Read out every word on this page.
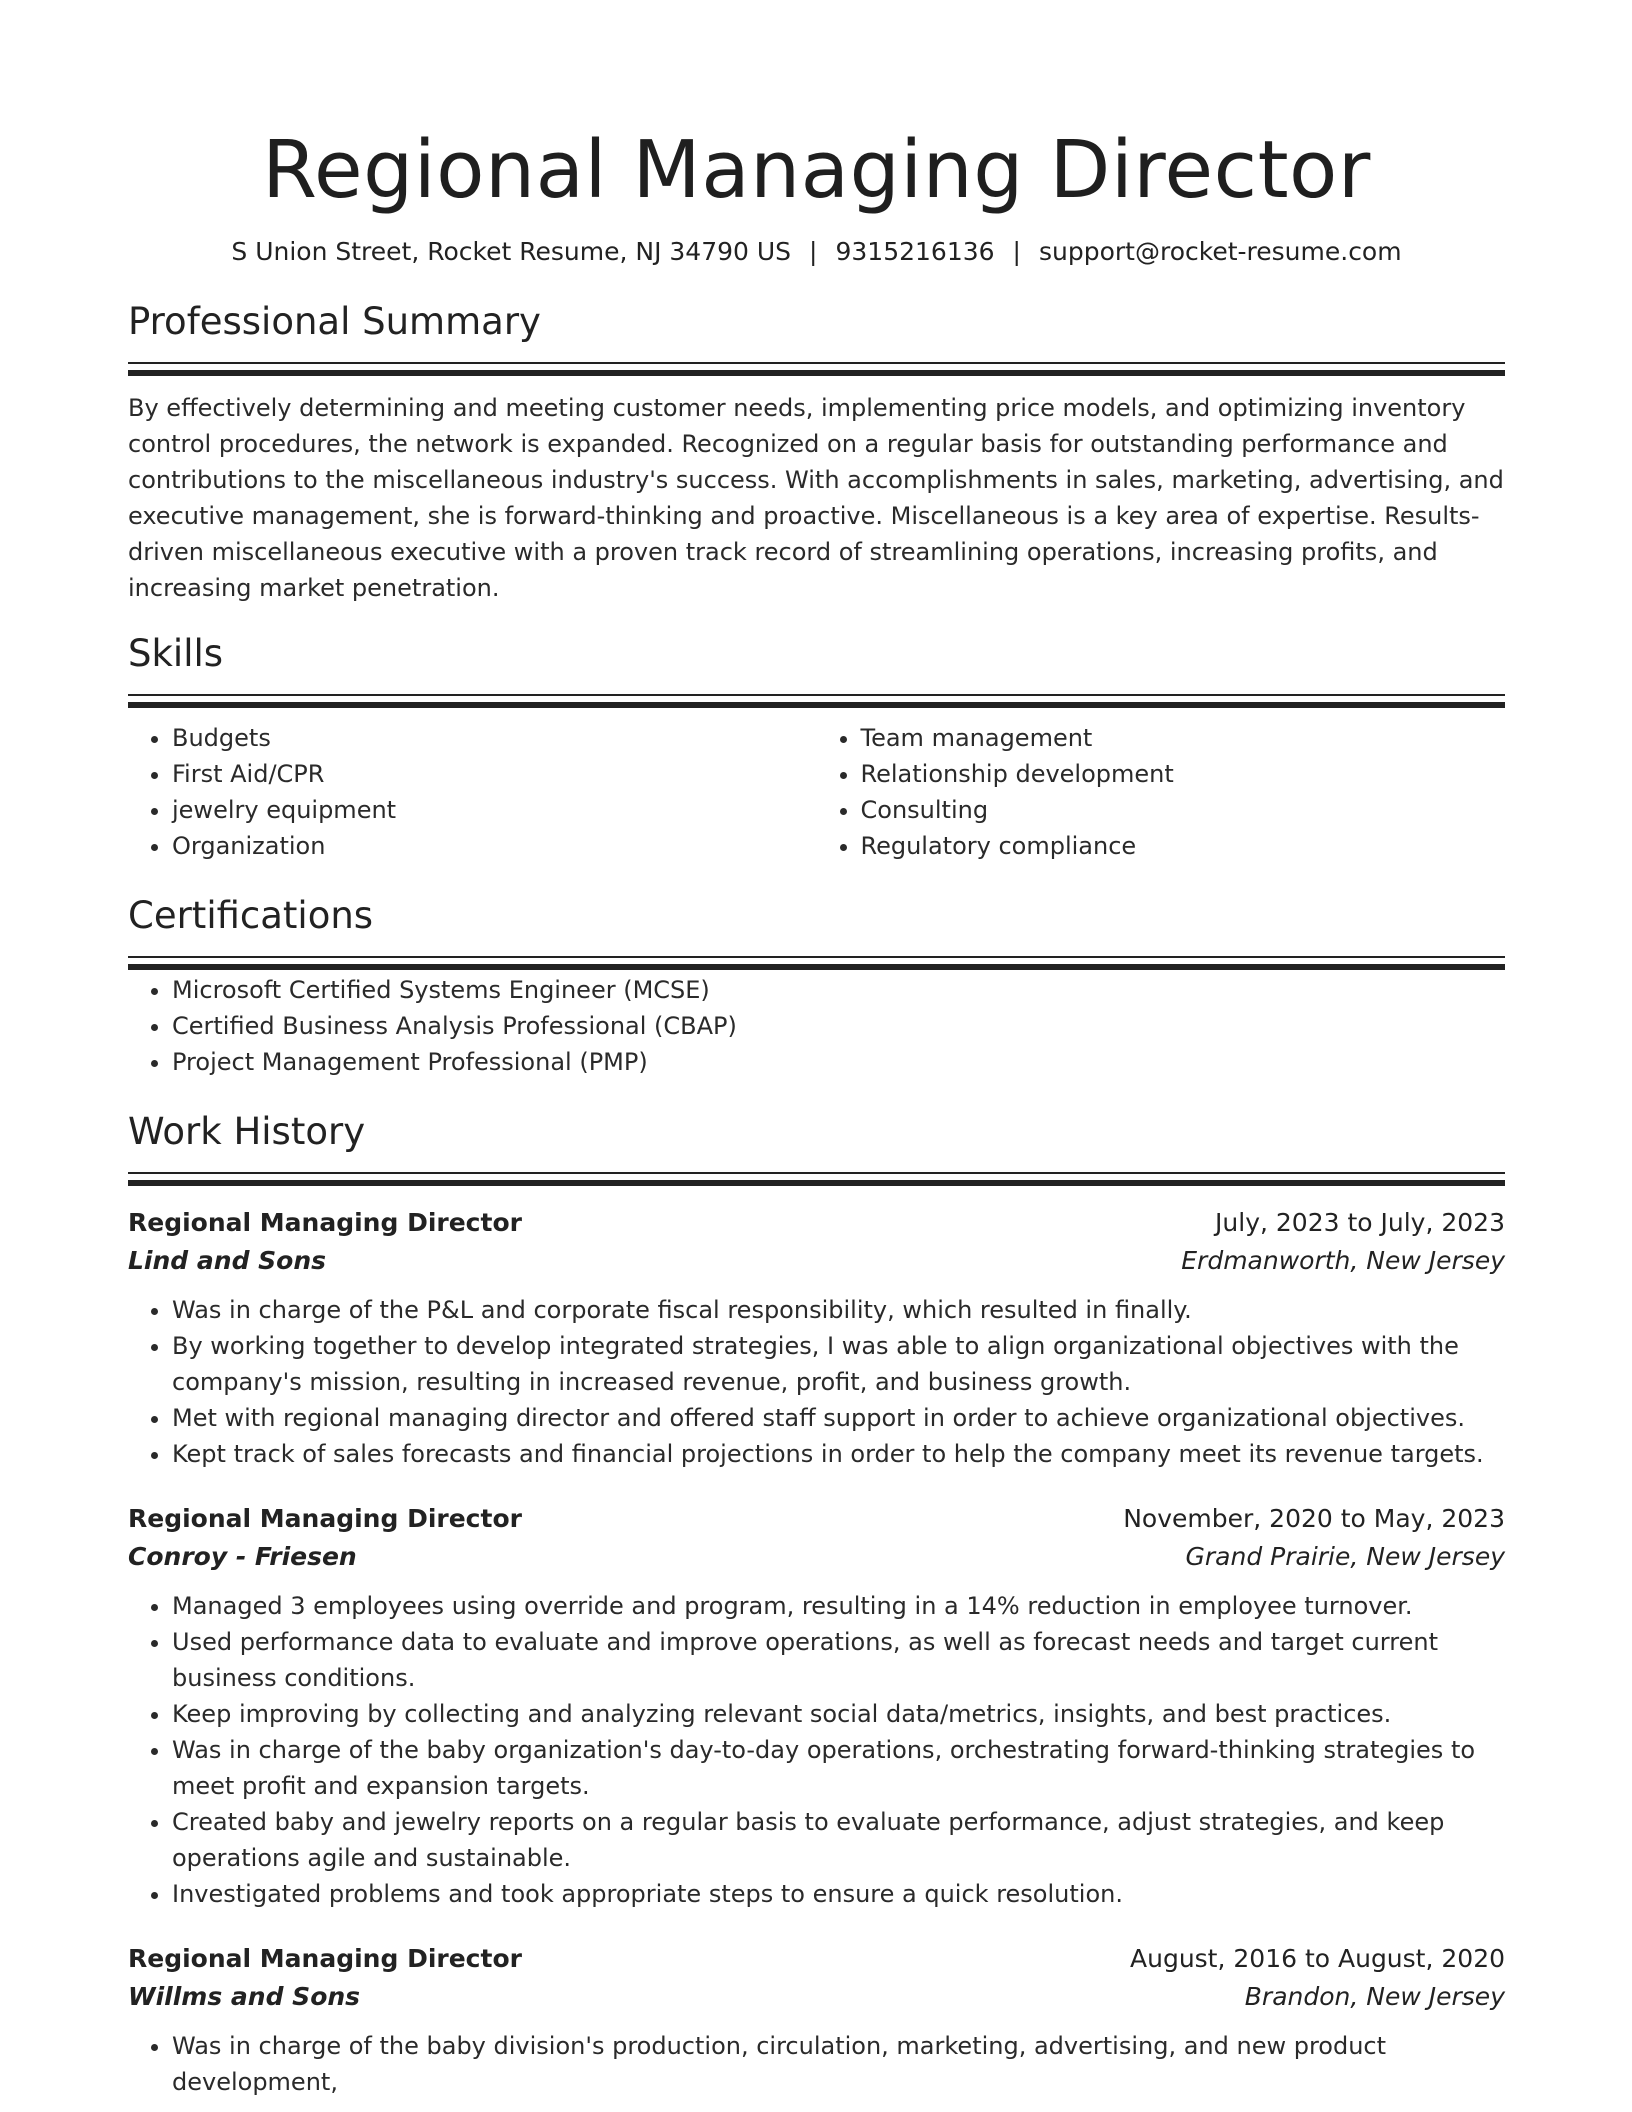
Regional Managing Director
S Union Street, Rocket Resume, NJ 34790 US | 9315216136 | support@rocket-resume.com
Professional Summary

By effectively determining and meeting customer needs, implementing price models, and optimizing inventory control procedures, the network is expanded. Recognized on a regular basis for outstanding performance and contributions to the miscellaneous industry's success. With accomplishments in sales, marketing, advertising, and executive management, she is forward-thinking and proactive. Miscellaneous is a key area of expertise. Results-driven miscellaneous executive with a proven track record of streamlining operations, increasing profits, and increasing market penetration.

Skills
• Budgets
• First Aid/CPR
• jewelry equipment
• Organization
• Team management
• Relationship development
• Consulting
• Regulatory compliance
Certifications
• Microsoft Certified Systems Engineer (MCSE)
• Certified Business Analysis Professional (CBAP)
• Project Management Professional (PMP)
Work History
Regional Managing Director	July, 2023 to July, 2023
Lind and Sons	Erdmanworth, New Jersey
• Was in charge of the P&L and corporate fiscal responsibility, which resulted in finally.
• By working together to develop integrated strategies, I was able to align organizational objectives with the company's mission, resulting in increased revenue, profit, and business growth.
• Met with regional managing director and offered staff support in order to achieve organizational objectives.
• Kept track of sales forecasts and financial projections in order to help the company meet its revenue targets.
Regional Managing Director	November, 2020 to May, 2023
Conroy - Friesen	Grand Prairie, New Jersey
• Managed 3 employees using override and program, resulting in a 14% reduction in employee turnover.
• Used performance data to evaluate and improve operations, as well as forecast needs and target current business conditions.
• Keep improving by collecting and analyzing relevant social data/metrics, insights, and best practices.
• Was in charge of the baby organization's day-to-day operations, orchestrating forward-thinking strategies to meet profit and expansion targets.
• Created baby and jewelry reports on a regular basis to evaluate performance, adjust strategies, and keep operations agile and sustainable.
• Investigated problems and took appropriate steps to ensure a quick resolution.
Regional Managing Director	August, 2016 to August, 2020
Willms and Sons	Brandon, New Jersey
• Was in charge of the baby division's production, circulation, marketing, advertising, and new product development,
